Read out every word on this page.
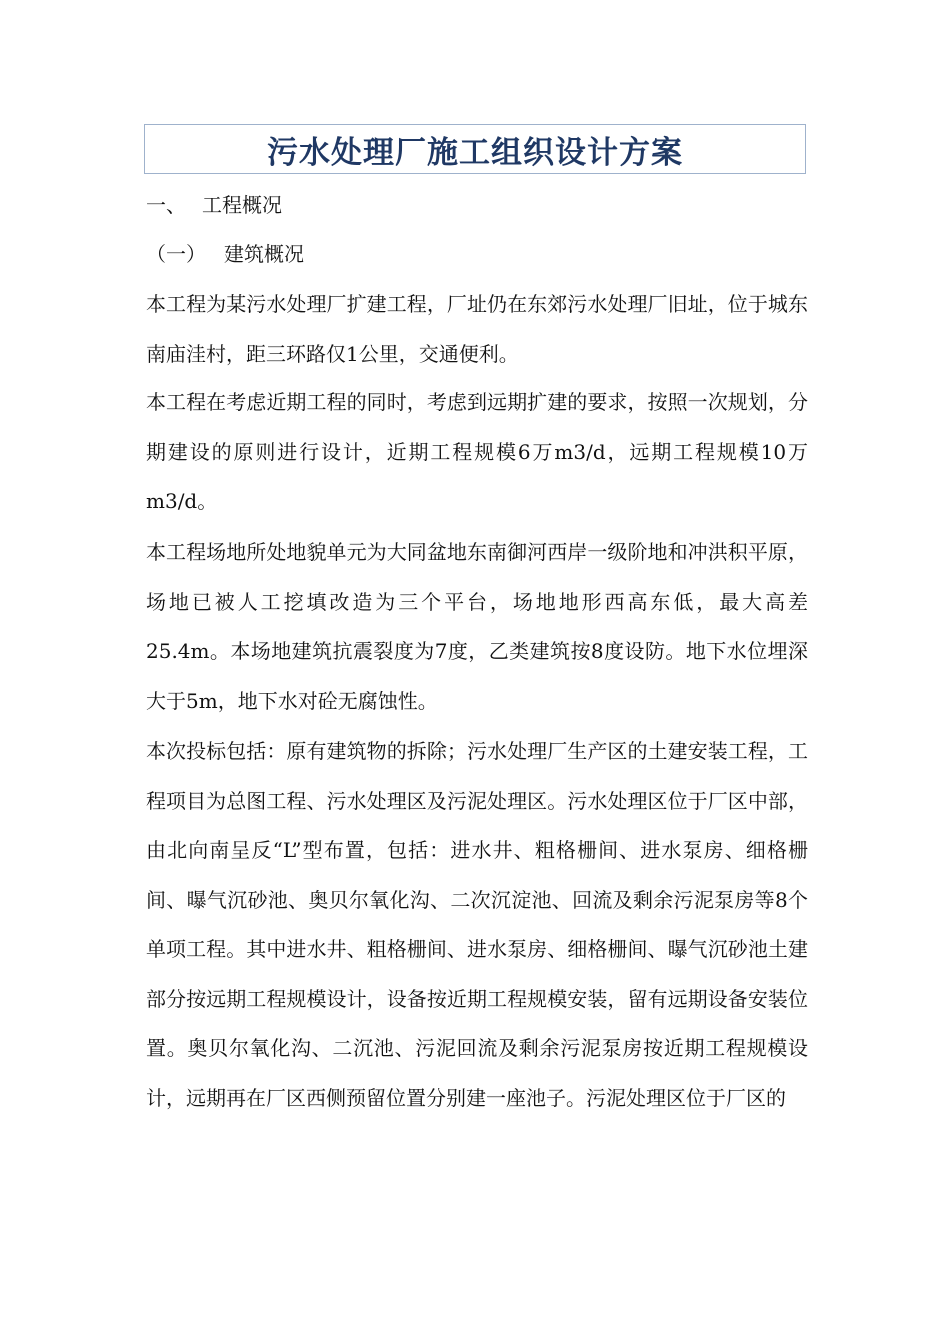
污水处理厂施工组织设计方案
一、 工程概况
（一） 建筑概况

本工程为某污水处理厂扩建工程，厂址仍在东郊污水处理厂旧址，位于城东南庙洼村，距三环路仅1公里，交通便利。

本工程在考虑近期工程的同时，考虑到远期扩建的要求，按照一次规划，分期建设的原则进行设计，近期工程规模6万m3/d，远期工程规模10万m3/d。

本工程场地所处地貌单元为大同盆地东南御河西岸一级阶地和冲洪积平原，场地已被人工挖填改造为三个平台，场地地形西高东低，最大高差25.4m。本场地建筑抗震裂度为7度，乙类建筑按8度设防。地下水位埋深大于5m，地下水对砼无腐蚀性。

本次投标包括：原有建筑物的拆除；污水处理厂生产区的土建安装工程，工程项目为总图工程、污水处理区及污泥处理区。污水处理区位于厂区中部，由北向南呈反“L”型布置，包括：进水井、粗格栅间、进水泵房、细格栅间、曝气沉砂池、奥贝尔氧化沟、二次沉淀池、回流及剩余污泥泵房等8个单项工程。其中进水井、粗格栅间、进水泵房、细格栅间、曝气沉砂池土建部分按远期工程规模设计，设备按近期工程规模安装，留有远期设备安装位置。奥贝尔氧化沟、二沉池、污泥回流及剩余污泥泵房按近期工程规模设计，远期再在厂区西侧预留位置分别建一座池子。污泥处理区位于厂区的
